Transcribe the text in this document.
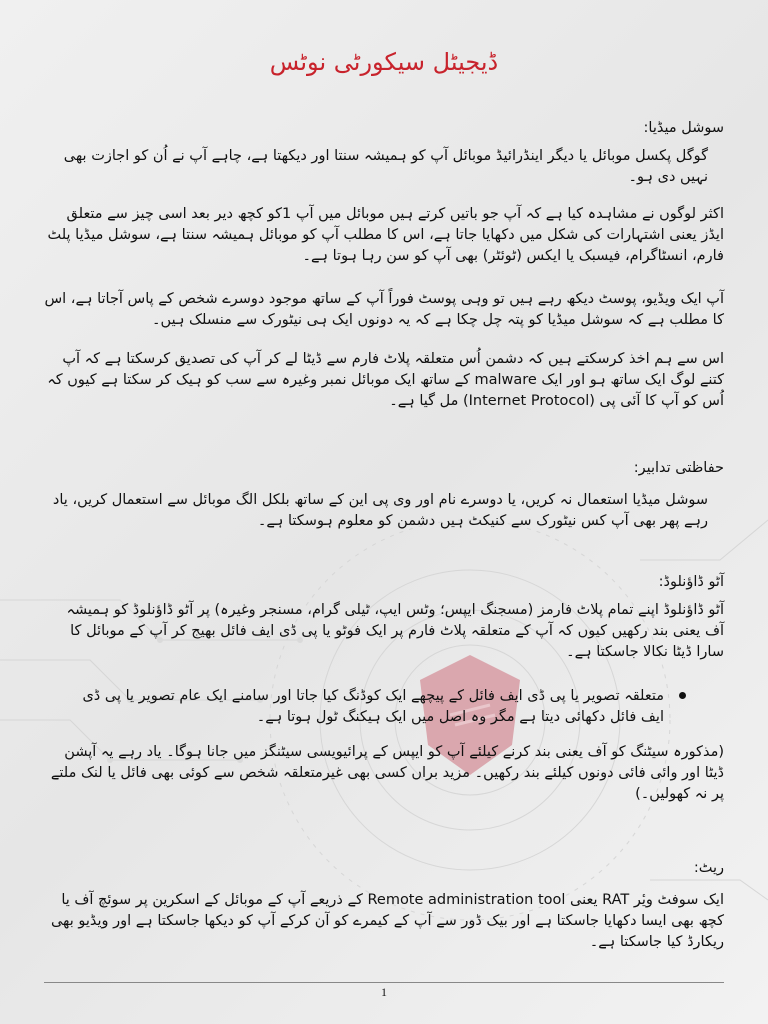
ڈیجیٹل سیکورٹی نوٹس
سوشل میڈیا:

گوگل پکسل موبائل یا دیگر اینڈرائیڈ موبائل آپ کو ہمیشہ سنتا اور دیکھتا ہے، چاہے آپ نے اُن کو اجازت بھی نہیں دی ہو۔

اکثر لوگوں نے مشاہدہ کیا ہے کہ آپ جو باتیں کرتے ہیں موبائل میں آپ 1کو کچھ دیر بعد اسی چیز سے متعلق ایڈز یعنی اشتہارات کی شکل میں دکھایا جاتا ہے، اس کا مطلب آپ کو موبائل ہمیشہ سنتا ہے، سوشل میڈیا پلٹ فارم، انسٹاگرام، فیسبک یا ایکس (ٹوئٹر) بھی آپ کو سن رہا ہوتا ہے۔

آپ ایک ویڈیو، پوسٹ دیکھ رہے ہیں تو وہی پوسٹ فوراً آپ کے ساتھ موجود دوسرے شخص کے پاس آجاتا ہے، اس کا مطلب ہے کہ سوشل میڈیا کو پتہ چل چکا ہے کہ یہ دونوں ایک ہی نیٹورک سے منسلک ہیں۔

اس سے ہم اخذ کرسکتے ہیں کہ دشمن اُس متعلقہ پلاٹ فارم سے ڈیٹا لے کر آپ کی تصدیق کرسکتا ہے کہ آپ کتنے لوگ ایک ساتھ ہو اور ایک malware کے ساتھ ایک موبائل نمبر وغیرہ سے سب کو ہیک کر سکتا ہے کیوں کہ اُس کو آپ کا آئی پی (Internet Protocol) مل گیا ہے۔

حفاظتی تدابیر:

سوشل میڈیا استعمال نہ کریں، یا دوسرے نام اور وی پی این کے ساتھ بلکل الگ موبائل سے استعمال کریں، یاد رہے پھر بھی آپ کس نیٹورک سے کنیکٹ ہیں دشمن کو معلوم ہوسکتا ہے۔

آٹو ڈاؤنلوڈ:

آٹو ڈاؤنلوڈ اپنے تمام پلاٹ فارمز (مسجنگ ایپس؛ وٹس ایپ، ٹیلی گرام، مسنجر وغیرہ) پر آٹو ڈاؤنلوڈ کو ہمیشہ آف یعنی بند رکھیں کیوں کہ آپ کے متعلقہ پلاٹ فارم پر ایک فوٹو یا پی ڈی ایف فائل بھیج کر آپ کے موبائل کا سارا ڈیٹا نکالا جاسکتا ہے۔

متعلقہ تصویر یا پی ڈی ایف فائل کے پیچھے ایک کوڈنگ کیا جاتا اور سامنے ایک عام تصویر یا پی ڈی ایف فائل دکھائی دیتا ہے مگر وہ اصل میں ایک ہیکنگ ٹول ہوتا ہے۔

(مذکورہ سیٹنگ کو آف یعنی بند کرنے کیلئے آپ کو ایپس کے پرائیویسی سیٹنگز میں جانا ہوگا۔ یاد رہے یہ آپشن ڈیٹا اور وائی فائی دونوں کیلئے بند رکھیں۔ مزید براں کسی بھی غیرمتعلقہ شخص سے کوئی بھی فائل یا لنک ملتے پر نہ کھولیں۔)

ریٹ:

ایک سوفٹ ویٔر RAT یعنی Remote administration tool کے ذریعے آپ کے موبائل کے اسکرین پر سوئچ آف یا کچھ بھی ایسا دکھایا جاسکتا ہے اور بیک ڈور سے آپ کے کیمرے کو آن کرکے آپ کو دیکھا جاسکتا ہے اور ویڈیو بھی ریکارڈ کیا جاسکتا ہے۔

1
